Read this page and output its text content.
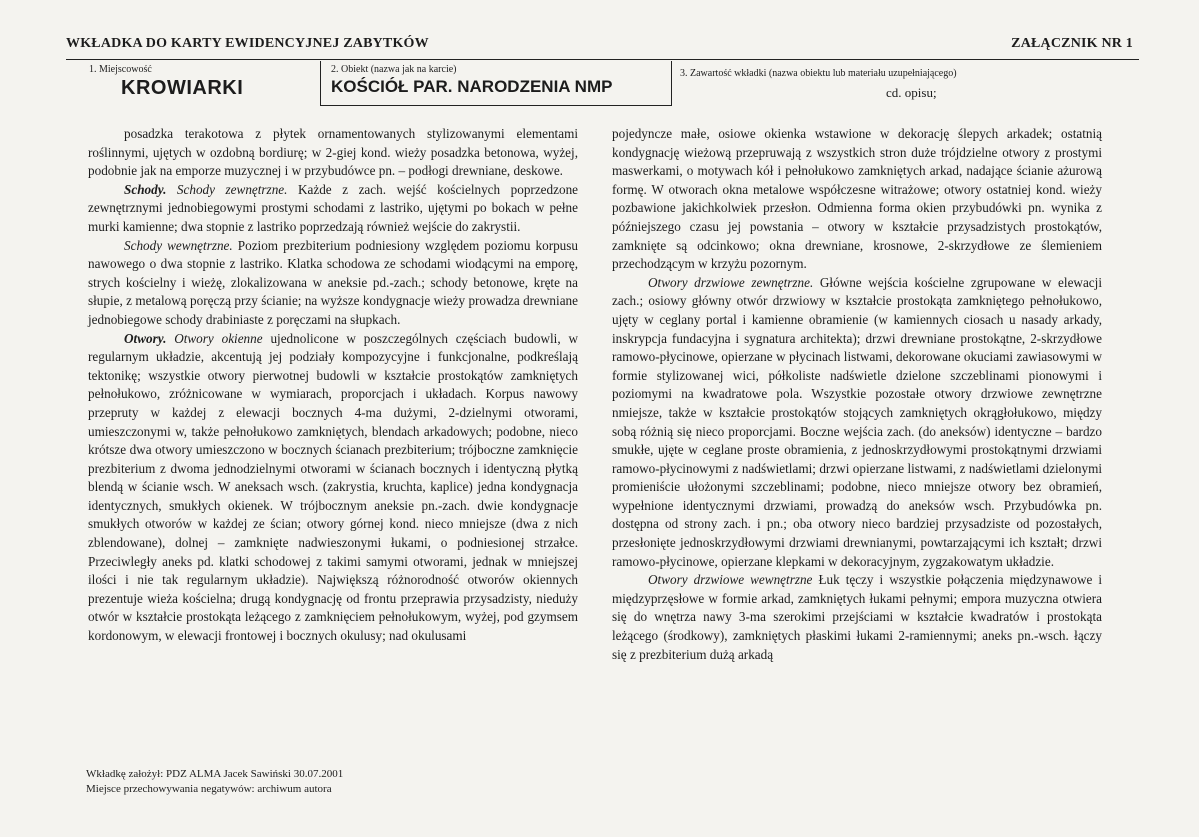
WKŁADKA DO KARTY EWIDENCYJNEJ ZABYTKÓW	ZAŁĄCZNIK NR 1
1. Miejscowość
KROWIARKI
2. Obiekt (nazwa jak na karcie)
KOŚCIÓŁ PAR. NARODZENIA NMP
3. Zawartość wkładki (nazwa obiektu lub materiału uzupełniającego)
cd. opisu;

posadzka terakotowa z płytek ornamentowanych stylizowanymi elementami roślinnymi, ujętych w ozdobną bordiurę; w 2-giej kond. wieży posadzka betonowa, wyżej, podobnie jak na emporze muzycznej i w przybudówce pn. – podłogi drewniane, deskowe.

Schody. Schody zewnętrzne. Każde z zach. wejść kościelnych poprzedzone zewnętrznymi jednobiegowymi prostymi schodami z lastriko, ujętymi po bokach w pełne murki kamienne; dwa stopnie z lastriko poprzedzają również wejście do zakrystii.

Schody wewnętrzne. Poziom prezbiterium podniesiony względem poziomu korpusu nawowego o dwa stopnie z lastriko. Klatka schodowa ze schodami wiodącymi na emporę, strych kościelny i wieżę, zlokalizowana w aneksie pd.-zach.; schody betonowe, kręte na słupie, z metalową poręczą przy ścianie; na wyższe kondygnacje wieży prowadza drewniane jednobiegowe schody drabiniaste z poręczami na słupkach.

Otwory. Otwory okienne ujednolicone w poszczególnych częściach budowli, w regularnym układzie, akcentują jej podziały kompozycyjne i funkcjonalne, podkreślają tektonikę; wszystkie otwory pierwotnej budowli w kształcie prostokątów zamkniętych pełnołukowo, zróżnicowane w wymiarach, proporcjach i układach. Korpus nawowy przepruty w każdej z elewacji bocznych 4-ma dużymi, 2-dzielnymi otworami, umieszczonymi w, także pełnołukowo zamkniętych, blendach arkadowych; podobne, nieco krótsze dwa otwory umieszczono w bocznych ścianach prezbiterium; trójboczne zamknięcie prezbiterium z dwoma jednodzielnymi otworami w ścianach bocznych i identyczną płytką blendą w ścianie wsch. W aneksach wsch. (zakrystia, kruchta, kaplice) jedna kondygnacja identycznych, smukłych okienek. W trójbocznym aneksie pn.-zach. dwie kondygnacje smukłych otworów w każdej ze ścian; otwory górnej kond. nieco mniejsze (dwa z nich zblendowane), dolnej – zamknięte nadwieszonymi łukami, o podniesionej strzałce. Przeciwległy aneks pd. klatki schodowej z takimi samymi otworami, jednak w mniejszej ilości i nie tak regularnym układzie). Największą różnorodność otworów okiennych prezentuje wieża kościelna; drugą kondygnację od frontu przeprawia przysadzisty, nieduży otwór w kształcie prostokąta leżącego z zamknięciem pełnołukowym, wyżej, pod gzymsem kordonowym, w elewacji frontowej i bocznych okulusy; nad okulusami

pojedyncze małe, osiowe okienka wstawione w dekorację ślepych arkadek; ostatnią kondygnację wieżową przepruwają z wszystkich stron duże trójdzielne otwory z prostymi maswerkami, o motywach kół i pełnołukowo zamkniętych arkad, nadające ścianie ażurową formę. W otworach okna metalowe współczesne witrażowe; otwory ostatniej kond. wieży pozbawione jakichkolwiek przesłon. Odmienna forma okien przybudówki pn. wynika z późniejszego czasu jej powstania – otwory w kształcie przysadzistych prostokątów, zamknięte są odcinkowo; okna drewniane, krosnowe, 2-skrzydłowe ze ślemieniem przechodzącym w krzyżu pozornym.

Otwory drzwiowe zewnętrzne. Główne wejścia kościelne zgrupowane w elewacji zach.; osiowy główny otwór drzwiowy w kształcie prostokąta zamkniętego pełnołukowo, ujęty w ceglany portal i kamienne obramienie (w kamiennych ciosach u nasady arkady, inskrypcja fundacyjna i sygnatura architekta); drzwi drewniane prostokątne, 2-skrzydłowe ramowo-płycinowe, opierzane w płycinach listwami, dekorowane okuciami zawiasowymi w formie stylizowanej wici, półkoliste nadświetle dzielone szczeblinami pionowymi i poziomymi na kwadratowe pola. Wszystkie pozostałe otwory drzwiowe zewnętrzne nmiejsze, także w kształcie prostokątów stojących zamkniętych okrągłołukowo, między sobą różnią się nieco proporcjami. Boczne wejścia zach. (do aneksów) identyczne – bardzo smukłe, ujęte w ceglane proste obramienia, z jednoskrzydłowymi prostokątnymi drzwiami ramowo-płycinowymi z nadświetlami; drzwi opierzane listwami, z nadświetlami dzielonymi promieniście ułożonymi szczeblinami; podobne, nieco mniejsze otwory bez obramień, wypełnione identycznymi drzwiami, prowadzą do aneksów wsch. Przybudówka pn. dostępna od strony zach. i pn.; oba otwory nieco bardziej przysadziste od pozostałych, przesłonięte jednoskrzydłowymi drzwiami drewnianymi, powtarzającymi ich kształt; drzwi ramowo-płycinowe, opierzane klepkami w dekoracyjnym, zygzakowatym układzie.

Otwory drzwiowe wewnętrzne Łuk tęczy i wszystkie połączenia międzynawowe i międzyprzęsłowe w formie arkad, zamkniętych łukami pełnymi; empora muzyczna otwiera się do wnętrza nawy 3-ma szerokimi przejściami w kształcie kwadratów i prostokąta leżącego (środkowy), zamkniętych płaskimi łukami 2-ramiennymi; aneks pn.-wsch. łączy się z prezbiterium dużą arkadą

Wkładkę założył: PDZ ALMA Jacek Sawiński 30.07.2001
Miejsce przechowywania negatywów: archiwum autora
